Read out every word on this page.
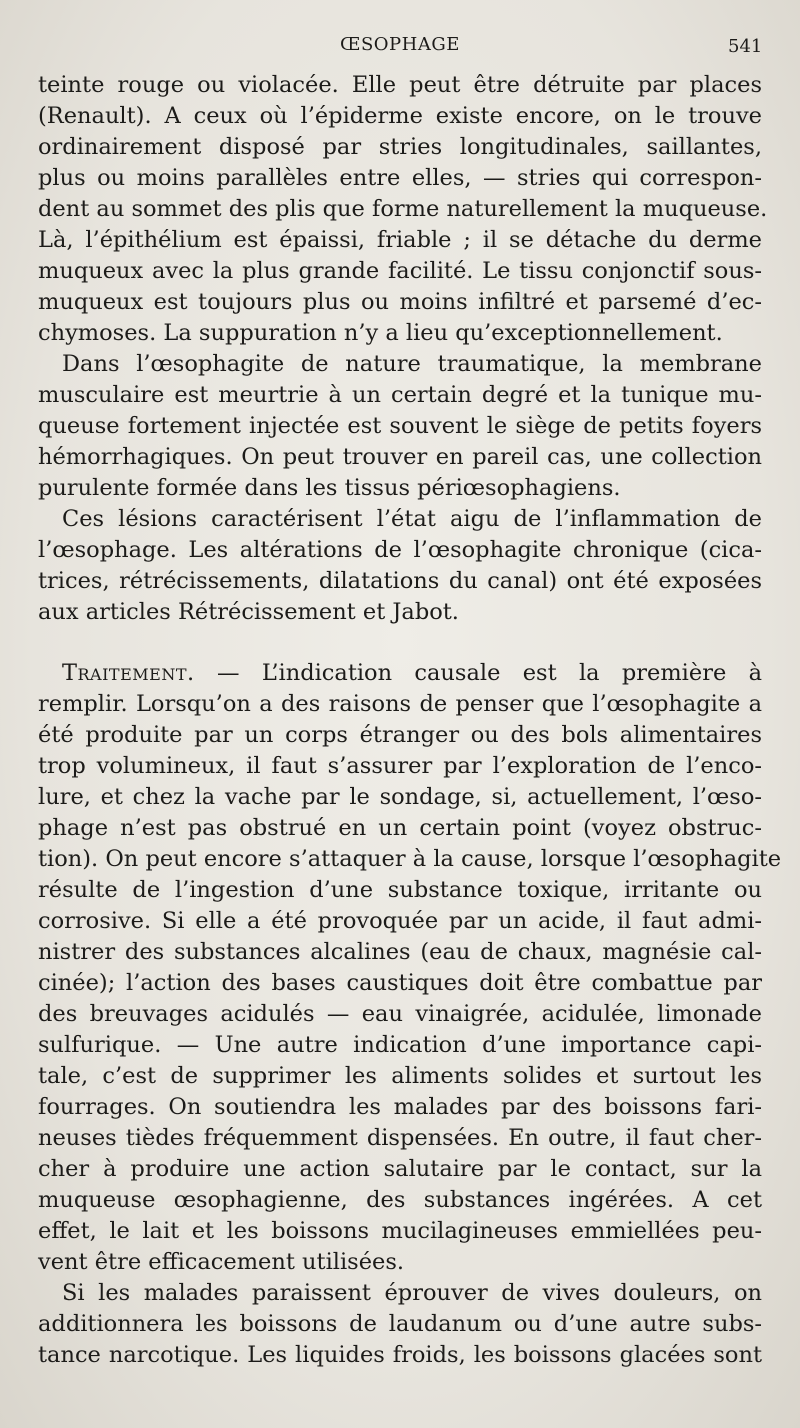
ŒSOPHAGE	541
teinte rouge ou violacée. Elle peut être détruite par places
(Renault). A ceux où l’épiderme existe encore, on le trouve
ordinairement disposé par stries longitudinales, saillantes,
plus ou moins parallèles entre elles, — stries qui correspon-
dent au sommet des plis que forme naturellement la muqueuse.
Là, l’épithélium est épaissi, friable ; il se détache du derme
muqueux avec la plus grande facilité. Le tissu conjonctif sous-
muqueux est toujours plus ou moins infiltré et parsemé d’ec-
chymoses. La suppuration n’y a lieu qu’exceptionnellement.
Dans l’œsophagite de nature traumatique, la membrane
musculaire est meurtrie à un certain degré et la tunique mu-
queuse fortement injectée est souvent le siège de petits foyers
hémorrhagiques. On peut trouver en pareil cas, une collection
purulente formée dans les tissus périœsophagiens.
Ces lésions caractérisent l’état aigu de l’inflammation de
l’œsophage. Les altérations de l’œsophagite chronique (cica-
trices, rétrécissements, dilatations du canal) ont été exposées
aux articles Rétrécissement et Jabot.
Traitement. — L’indication causale est la première à
remplir. Lorsqu’on a des raisons de penser que l’œsophagite a
été produite par un corps étranger ou des bols alimentaires
trop volumineux, il faut s’assurer par l’exploration de l’enco-
lure, et chez la vache par le sondage, si, actuellement, l’œso-
phage n’est pas obstrué en un certain point (voyez obstruc-
tion). On peut encore s’attaquer à la cause, lorsque l’œsophagite
résulte de l’ingestion d’une substance toxique, irritante ou
corrosive. Si elle a été provoquée par un acide, il faut admi-
nistrer des substances alcalines (eau de chaux, magnésie cal-
cinée); l’action des bases caustiques doit être combattue par
des breuvages acidulés — eau vinaigrée, acidulée, limonade
sulfurique. — Une autre indication d’une importance capi-
tale, c’est de supprimer les aliments solides et surtout les
fourrages. On soutiendra les malades par des boissons fari-
neuses tièdes fréquemment dispensées. En outre, il faut cher-
cher à produire une action salutaire par le contact, sur la
muqueuse œsophagienne, des substances ingérées. A cet
effet, le lait et les boissons mucilagineuses emmiellées peu-
vent être efficacement utilisées.
Si les malades paraissent éprouver de vives douleurs, on
additionnera les boissons de laudanum ou d’une autre subs-
tance narcotique. Les liquides froids, les boissons glacées sont
